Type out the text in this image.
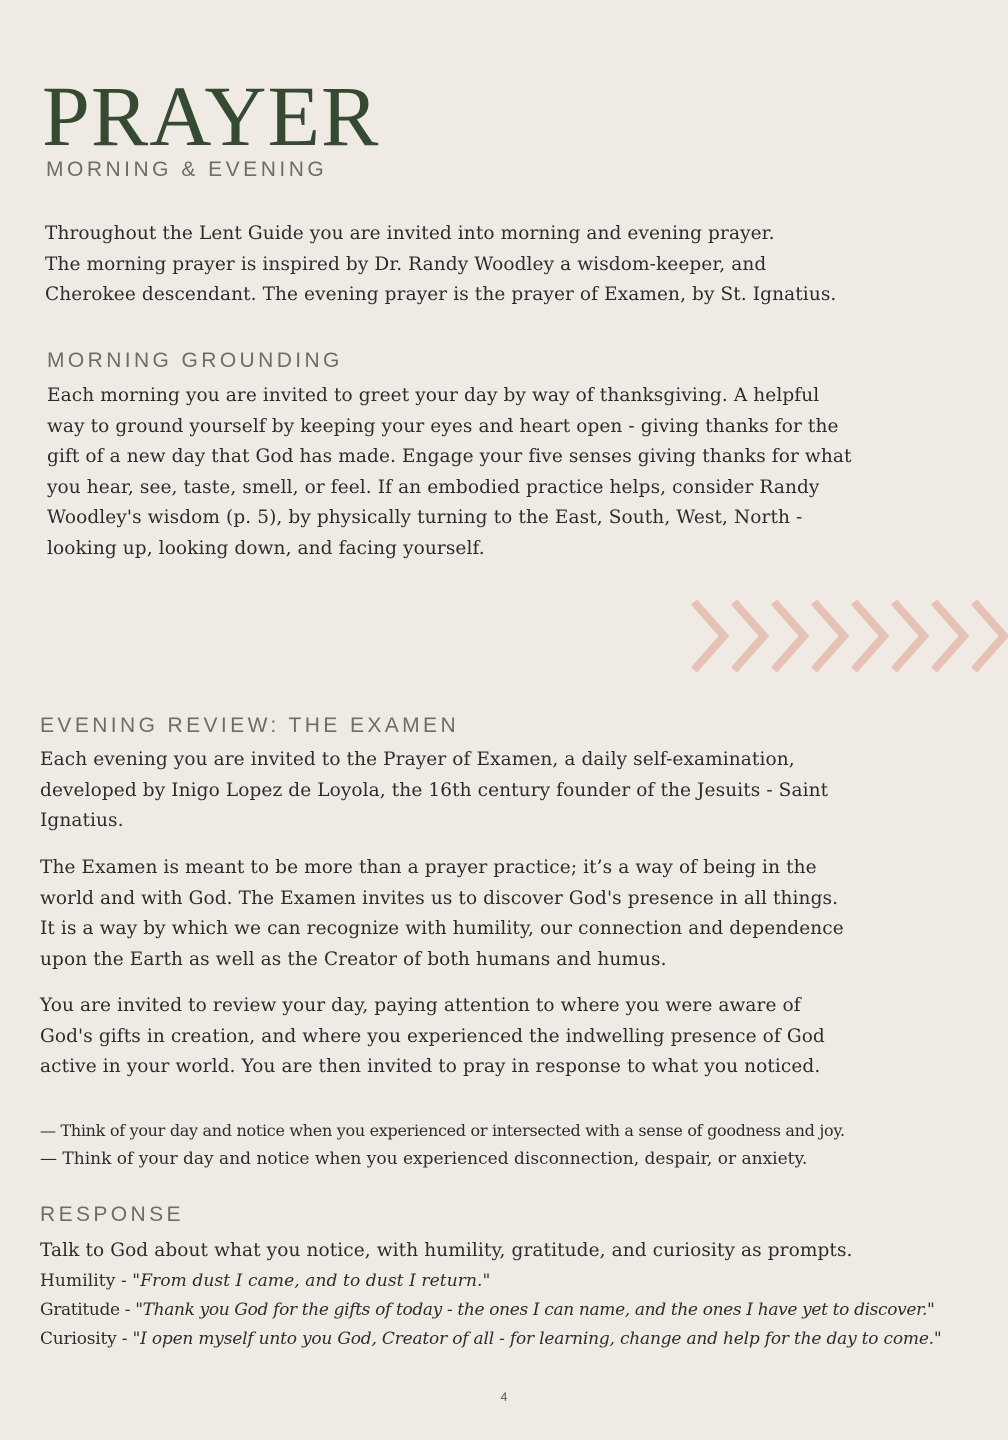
PRAYER
MORNING & EVENING
Throughout the Lent Guide you are invited into morning and evening prayer.
The morning prayer is inspired by Dr. Randy Woodley a wisdom-keeper, and
Cherokee descendant. The evening prayer is the prayer of Examen, by St. Ignatius.
MORNING GROUNDING
Each morning you are invited to greet your day by way of thanksgiving. A helpful
way to ground yourself by keeping your eyes and heart open - giving thanks for the
gift of a new day that God has made. Engage your five senses giving thanks for what
you hear, see, taste, smell, or feel. If an embodied practice helps, consider Randy
Woodley's wisdom (p. 5), by physically turning to the East, South, West, North -
looking up, looking down, and facing yourself.
EVENING REVIEW: THE EXAMEN
Each evening you are invited to the Prayer of Examen, a daily self-examination,
developed by Inigo Lopez de Loyola, the 16th century founder of the Jesuits - Saint
Ignatius.
The Examen is meant to be more than a prayer practice; it’s a way of being in the
world and with God. The Examen invites us to discover God's presence in all things.
It is a way by which we can recognize with humility, our connection and dependence
upon the Earth as well as the Creator of both humans and humus.
You are invited to review your day, paying attention to where you were aware of
God's gifts in creation, and where you experienced the indwelling presence of God
active in your world. You are then invited to pray in response to what you noticed.
— Think of your day and notice when you experienced or intersected with a sense of goodness and joy.
— Think of your day and notice when you experienced disconnection, despair, or anxiety.
RESPONSE
Talk to God about what you notice, with humility, gratitude, and curiosity as prompts.
Humility - "From dust I came, and to dust I return."
Gratitude - "Thank you God for the gifts of today - the ones I can name, and the ones I have yet to discover."
Curiosity - "I open myself unto you God, Creator of all - for learning, change and help for the day to come."
4
